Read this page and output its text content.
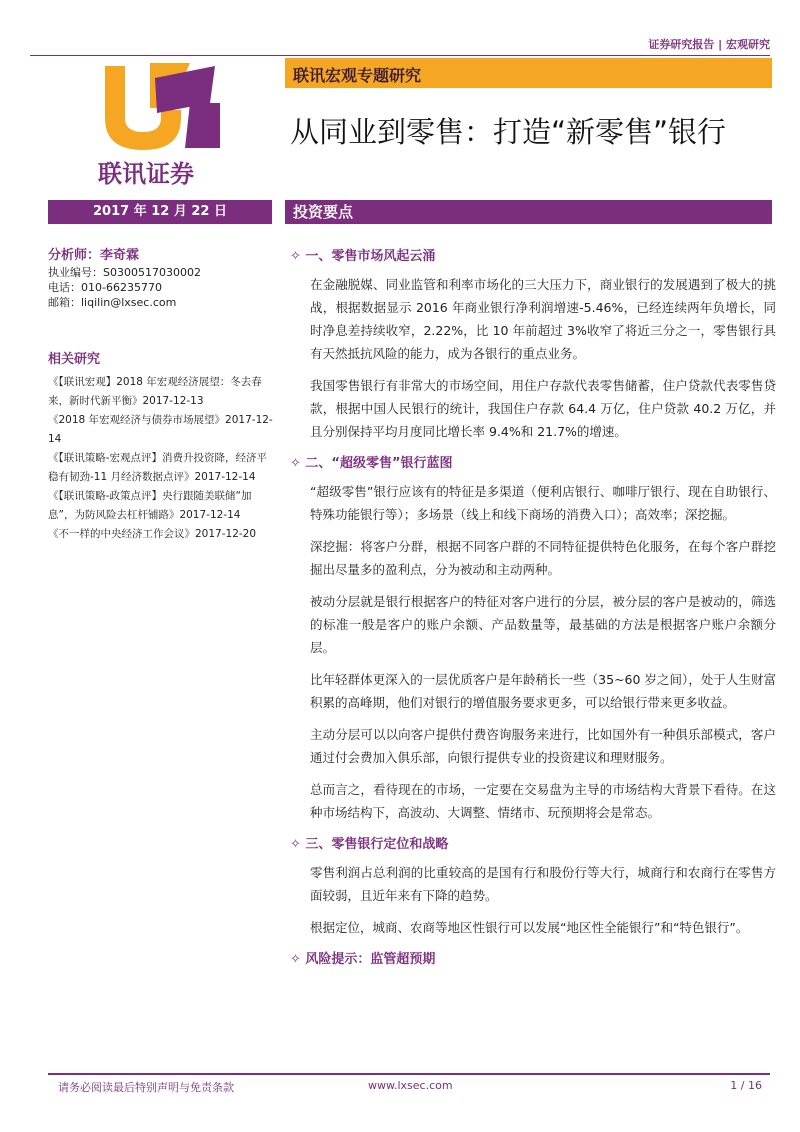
证券研究报告 | 宏观研究
联讯证券
联讯宏观专题研究
从同业到零售：打造“新零售”银行
2017 年 12 月 22 日	投资要点
分析师：李奇霖
执业编号：S0300517030002
电话：010-66235770
邮箱：liqilin@lxsec.com
相关研究
《【联讯宏观】2018 年宏观经济展望：冬去春来，新时代新平衡》2017-12-13
《2018 年宏观经济与债券市场展望》2017-12-14
《【联讯策略-宏观点评】消费升投资降，经济平稳有韧劲-11 月经济数据点评》2017-12-14
《【联讯策略-政策点评】央行跟随美联储“加息”，为防风险去杠杆铺路》2017-12-14
《不一样的中央经济工作会议》2017-12-20
✧ 一、零售市场风起云涌

在金融脱媒、同业监管和利率市场化的三大压力下，商业银行的发展遇到了极大的挑战，根据数据显示 2016 年商业银行净利润增速-5.46%，已经连续两年负增长，同时净息差持续收窄，2.22%，比 10 年前超过 3%收窄了将近三分之一，零售银行具有天然抵抗风险的能力，成为各银行的重点业务。

我国零售银行有非常大的市场空间，用住户存款代表零售储蓄，住户贷款代表零售贷款，根据中国人民银行的统计，我国住户存款 64.4 万亿，住户贷款 40.2 万亿，并且分别保持平均月度同比增长率 9.4%和 21.7%的增速。

✧ 二、“超级零售”银行蓝图

“超级零售”银行应该有的特征是多渠道（便利店银行、咖啡厅银行、现在自助银行、特殊功能银行等）；多场景（线上和线下商场的消费入口）；高效率；深挖掘。

深挖掘：将客户分群，根据不同客户群的不同特征提供特色化服务，在每个客户群挖掘出尽量多的盈利点，分为被动和主动两种。

被动分层就是银行根据客户的特征对客户进行的分层，被分层的客户是被动的，筛选的标准一般是客户的账户余额、产品数量等，最基础的方法是根据客户账户余额分层。

比年轻群体更深入的一层优质客户是年龄稍长一些（35~60 岁之间），处于人生财富积累的高峰期，他们对银行的增值服务要求更多，可以给银行带来更多收益。

主动分层可以以向客户提供付费咨询服务来进行，比如国外有一种俱乐部模式，客户通过付会费加入俱乐部，向银行提供专业的投资建议和理财服务。

总而言之，看待现在的市场，一定要在交易盘为主导的市场结构大背景下看待。在这种市场结构下，高波动、大调整、情绪市、玩预期将会是常态。

✧ 三、零售银行定位和战略

零售利润占总利润的比重较高的是国有行和股份行等大行，城商行和农商行在零售方面较弱，且近年来有下降的趋势。

根据定位，城商、农商等地区性银行可以发展“地区性全能银行”和“特色银行”。

✧ 风险提示：监管超预期
请务必阅读最后特别声明与免责条款	www.lxsec.com	1 / 16
